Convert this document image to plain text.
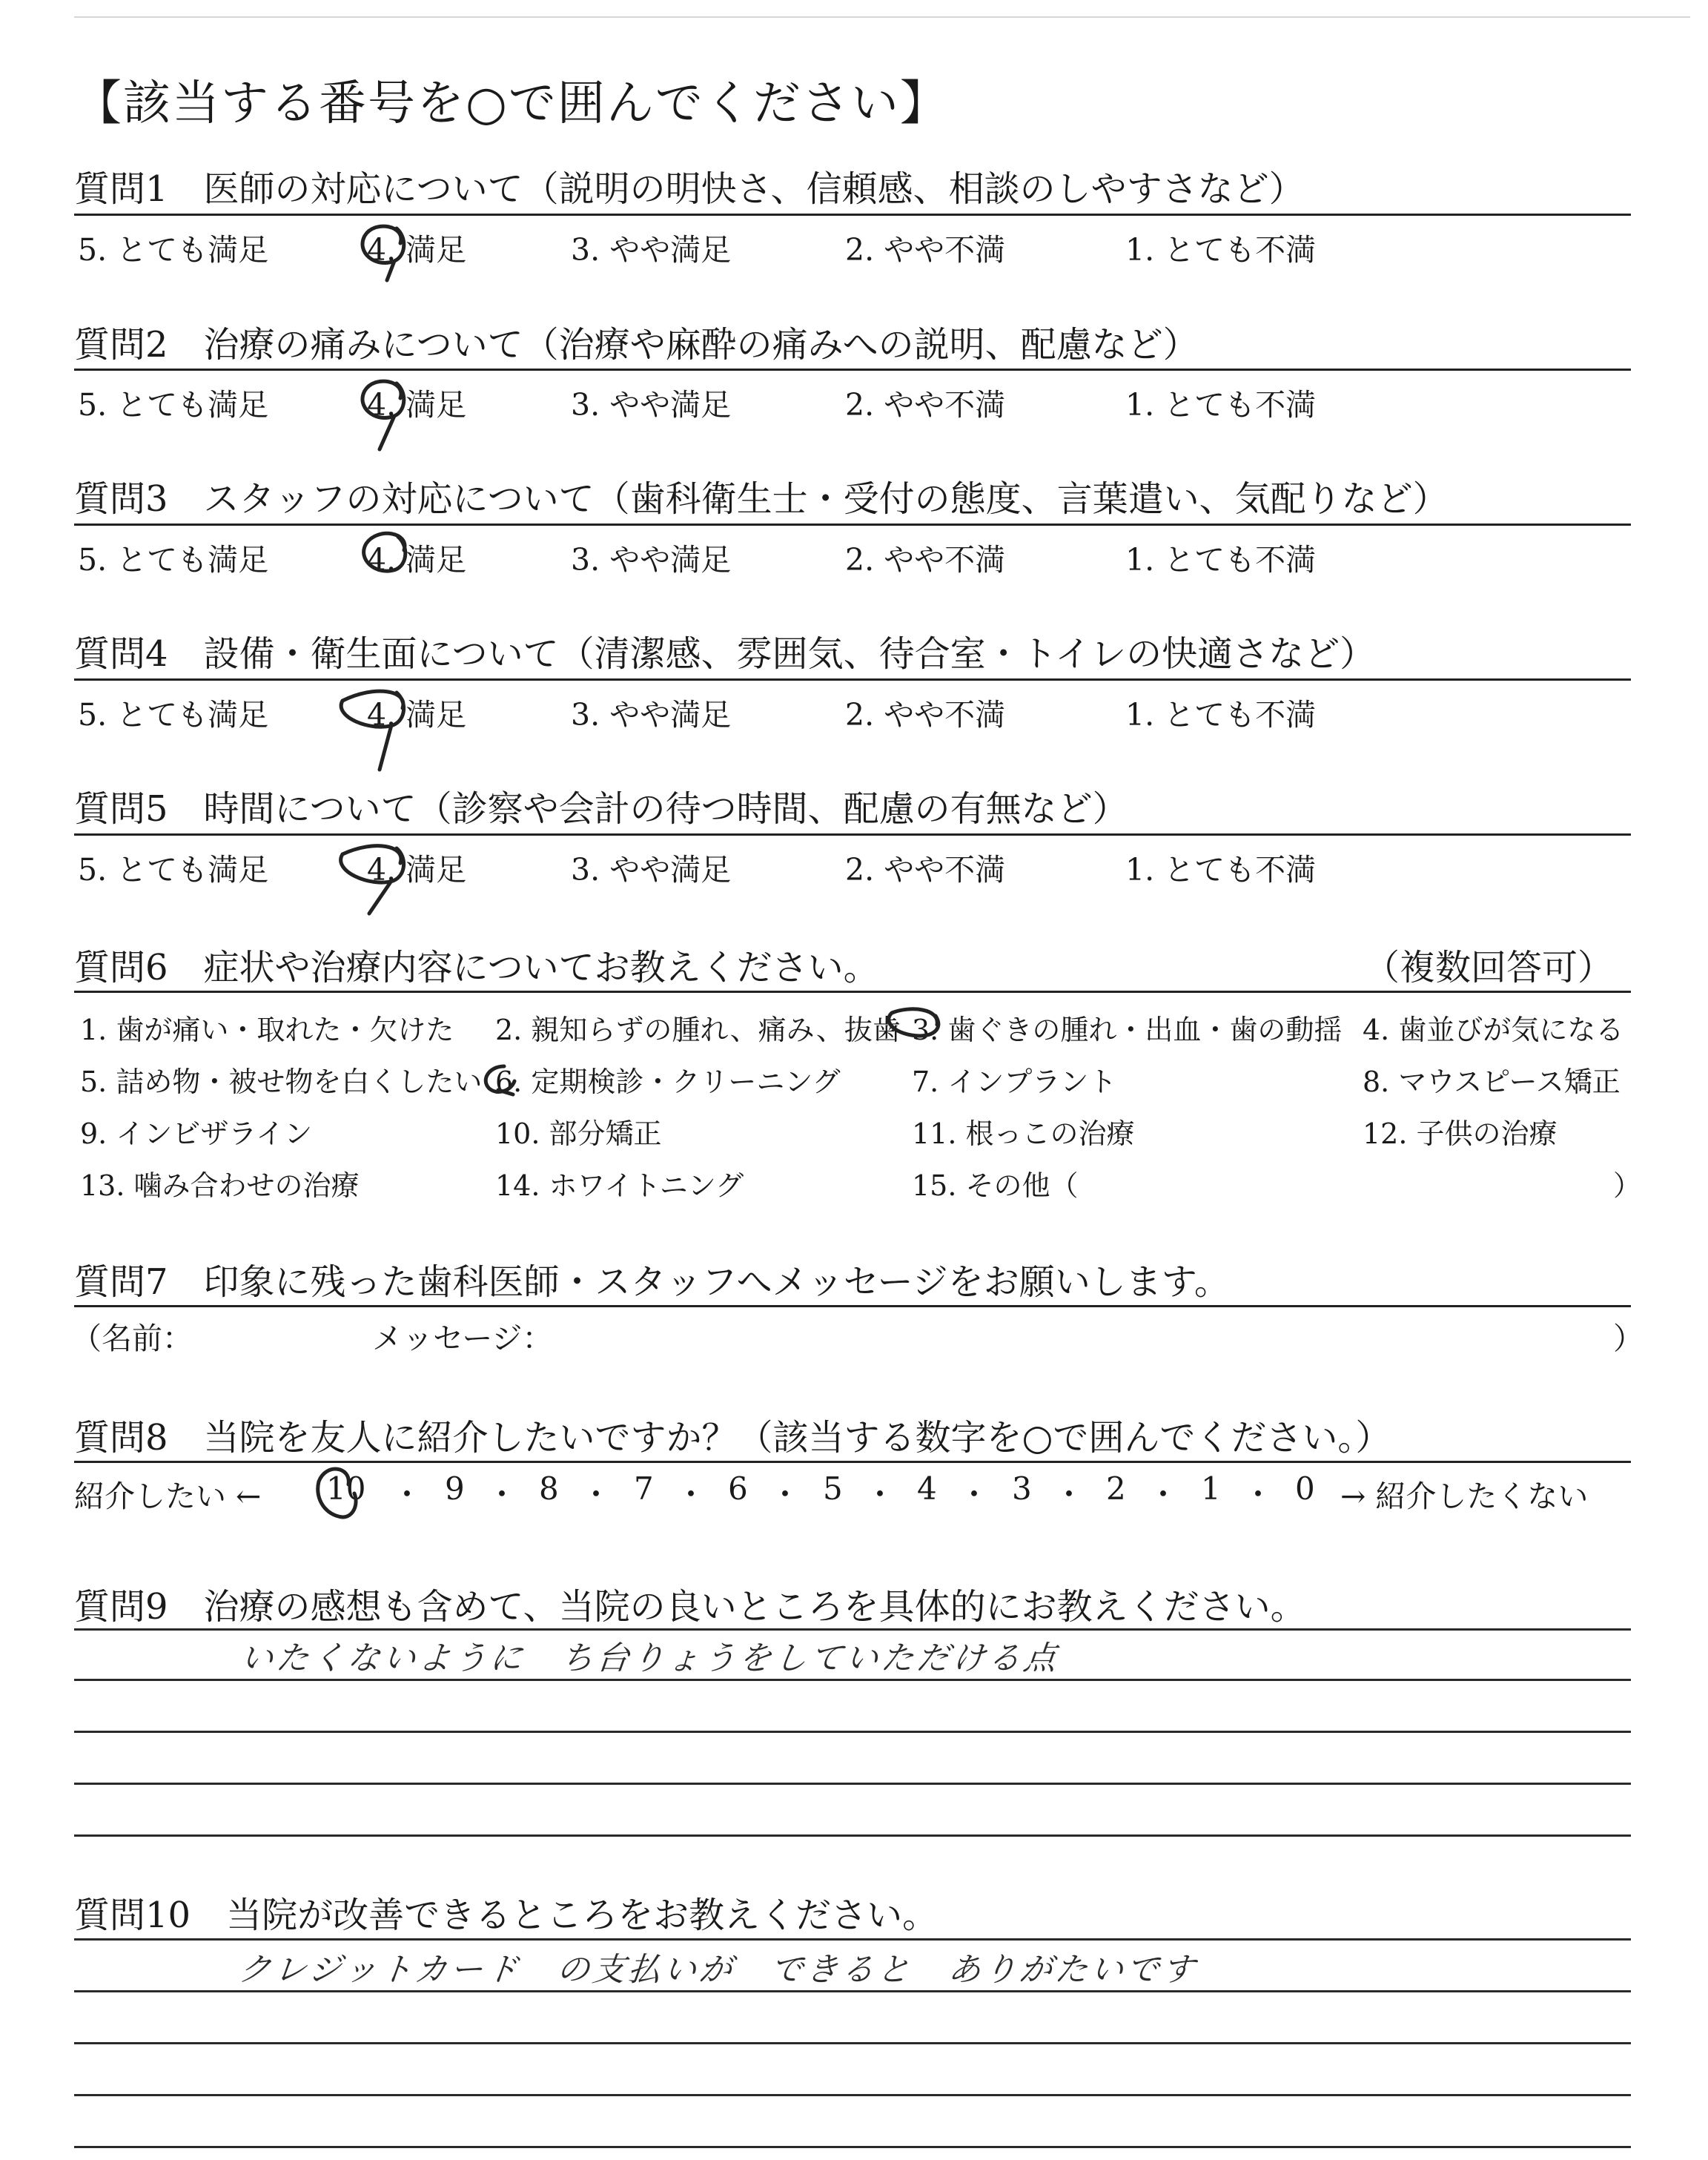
【該当する番号を○で囲んでください】
質問1　医師の対応について（説明の明快さ、信頼感、相談のしやすさなど）
5. とても満足	4. 満足	3. やや満足	2. やや不満	1. とても不満
質問2　治療の痛みについて（治療や麻酔の痛みへの説明、配慮など）
5. とても満足	4. 満足	3. やや満足	2. やや不満	1. とても不満
質問3　スタッフの対応について（歯科衛生士・受付の態度、言葉遣い、気配りなど）
5. とても満足	4. 満足	3. やや満足	2. やや不満	1. とても不満
質問4　設備・衛生面について（清潔感、雰囲気、待合室・トイレの快適さなど）
5. とても満足	4. 満足	3. やや満足	2. やや不満	1. とても不満
質問5　時間について（診察や会計の待つ時間、配慮の有無など）
5. とても満足	4. 満足	3. やや満足	2. やや不満	1. とても不満
質問6　症状や治療内容についてお教えください。	（複数回答可）
1. 歯が痛い・取れた・欠けた 2. 親知らずの腫れ、痛み、抜歯 3. 歯ぐきの腫れ・出血・歯の動揺 4. 歯並びが気になる
5. 詰め物・被せ物を白くしたい 6. 定期検診・クリーニング	7. インプラント	8. マウスピース矯正
9. インビザライン	10. 部分矯正	11. 根っこの治療	12. 子供の治療
13. 噛み合わせの治療	14. ホワイトニング	15. その他（	）
質問7　印象に残った歯科医師・スタッフへメッセージをお願いします。
（名前：	メッセージ：	）
質問8　当院を友人に紹介したいですか？（該当する数字を○で囲んでください。）
紹介したい ←	→ 紹介したくない
10 ・ 9 ・ 8 ・ 7 ・ 6 ・ 5 ・ 4 ・ 3 ・ 2 ・ 1 ・ 0
質問9　治療の感想も含めて、当院の良いところを具体的にお教えください。
いたくないように　ち台りょうをしていただける点
質問10　当院が改善できるところをお教えください。
クレジットカード　の支払いが　できると　ありがたいです
